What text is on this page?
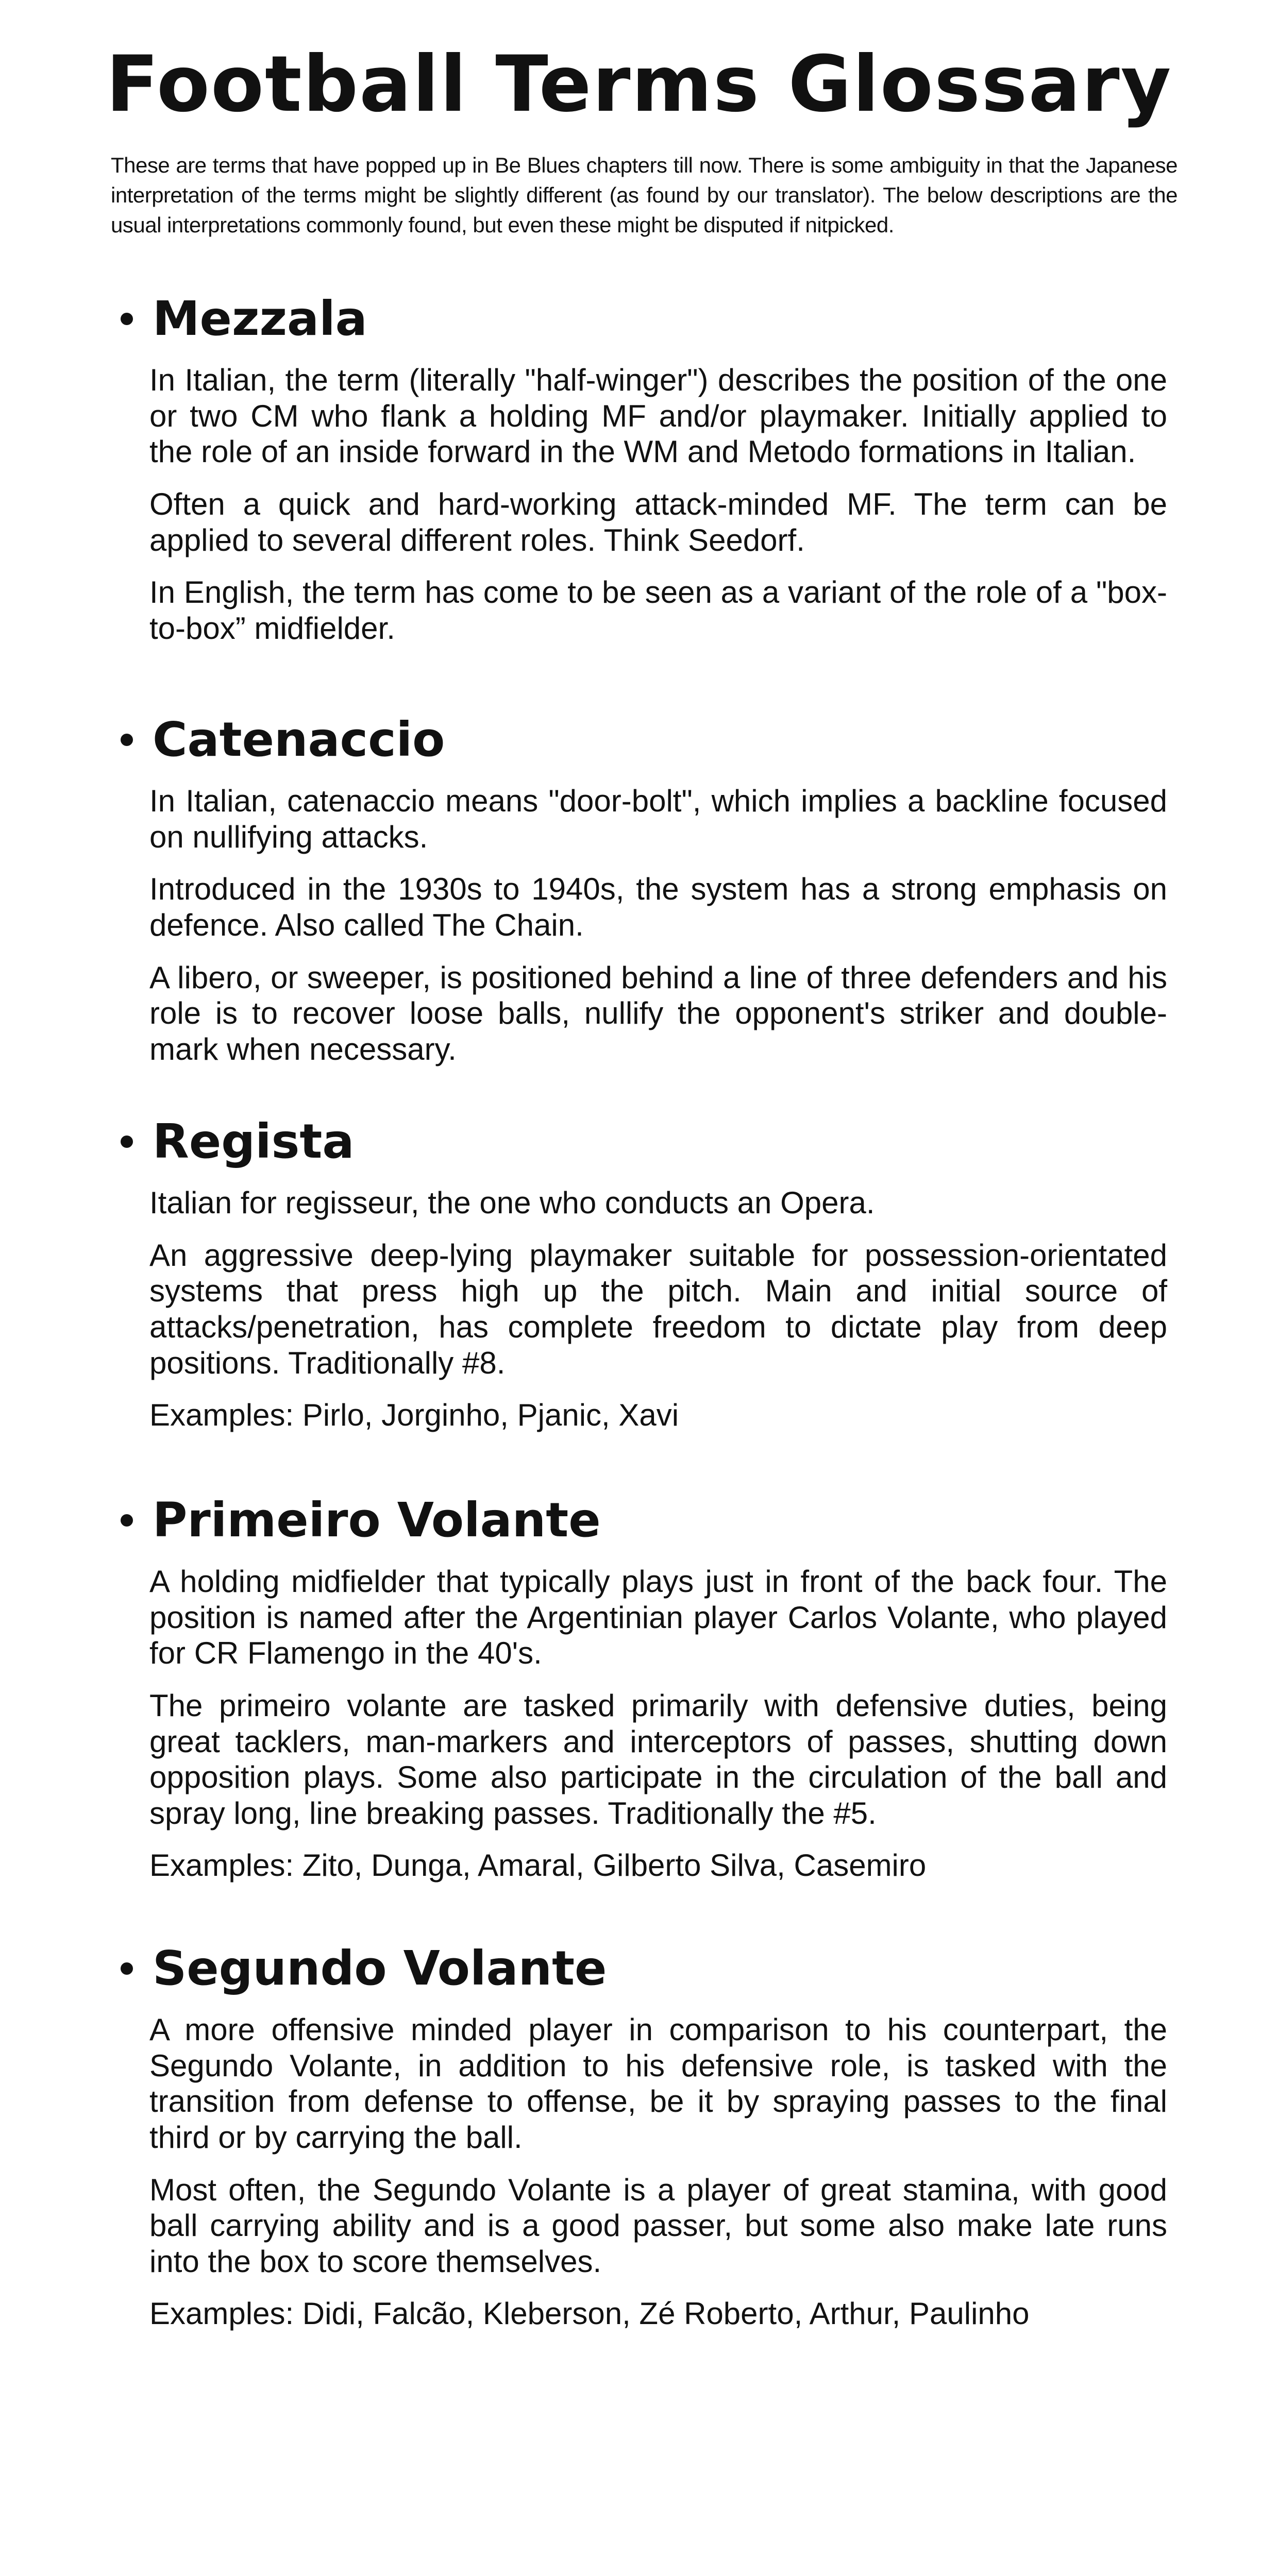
Football Terms Glossary

These are terms that have popped up in Be Blues chapters till now. There is some ambiguity in that the Japanese interpretation of the terms might be slightly different (as found by our translator). The below descriptions are the usual interpretations commonly found, but even these might be disputed if nitpicked.

Mezzala

In Italian, the term (literally "half-winger") describes the position of the one or two CM who flank a holding MF and/or playmaker. Initially applied to the role of an inside forward in the WM and Metodo formations in Italian.

Often a quick and hard-working attack-minded MF. The term can be applied to several different roles. Think Seedorf.

In English, the term has come to be seen as a variant of the role of a "box-to-box” midfielder.

Catenaccio

In Italian, catenaccio means "door-bolt", which implies a backline focused on nullifying attacks.

Introduced in the 1930s to 1940s, the system has a strong emphasis on defence. Also called The Chain.

A libero, or sweeper, is positioned behind a line of three defenders and his role is to recover loose balls, nullify the opponent's striker and double-mark when necessary.

Regista

Italian for regisseur, the one who conducts an Opera.

An aggressive deep-lying playmaker suitable for possession-orientated systems that press high up the pitch. Main and initial source of attacks/penetration, has complete freedom to dictate play from deep positions. Traditionally #8.

Examples: Pirlo, Jorginho, Pjanic, Xavi

Primeiro Volante

A holding midfielder that typically plays just in front of the back four. The position is named after the Argentinian player Carlos Volante, who played for CR Flamengo in the 40's.

The primeiro volante are tasked primarily with defensive duties, being great tacklers, man-markers and interceptors of passes, shutting down opposition plays. Some also participate in the circulation of the ball and spray long, line breaking passes. Traditionally the #5.

Examples: Zito, Dunga, Amaral, Gilberto Silva, Casemiro

Segundo Volante

A more offensive minded player in comparison to his counterpart, the Segundo Volante, in addition to his defensive role, is tasked with the transition from defense to offense, be it by spraying passes to the final third or by carrying the ball.

Most often, the Segundo Volante is a player of great stamina, with good ball carrying ability and is a good passer, but some also make late runs into the box to score themselves.

Examples: Didi, Falcão, Kleberson, Zé Roberto, Arthur, Paulinho
